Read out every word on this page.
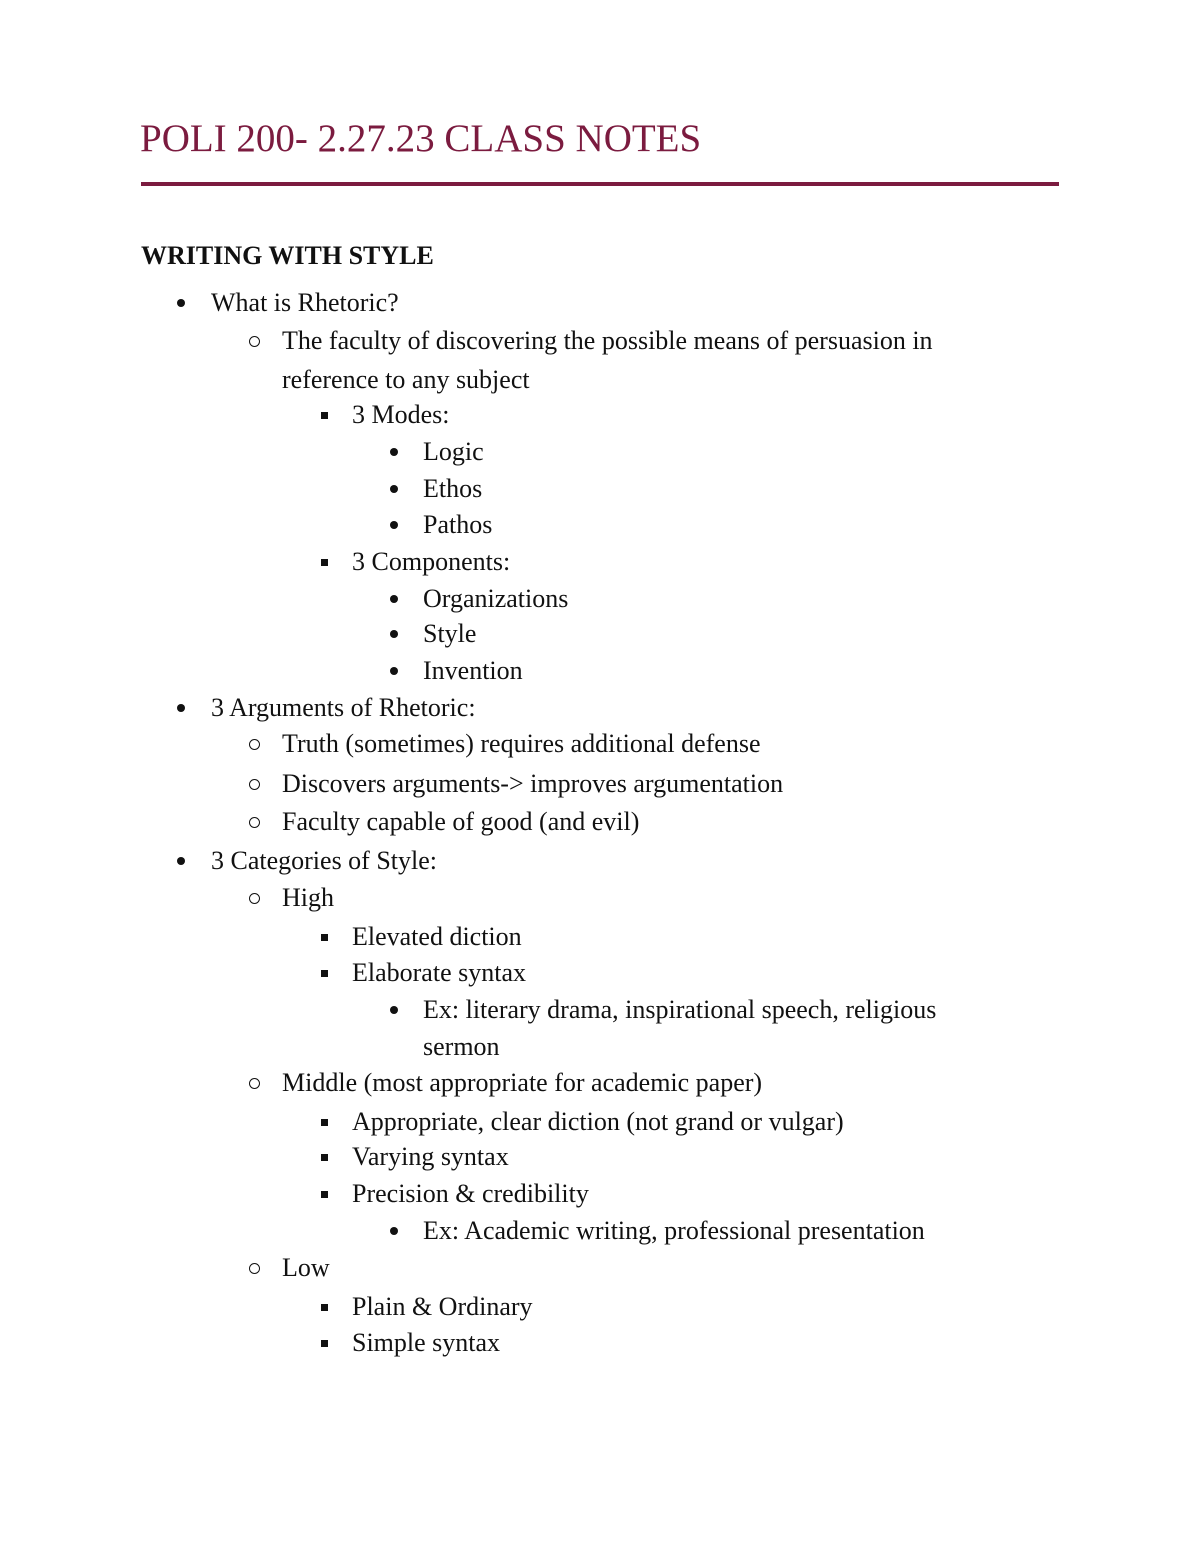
POLI 200- 2.27.23 CLASS NOTES
WRITING WITH STYLE
What is Rhetoric?
The faculty of discovering the possible means of persuasion in
reference to any subject
3 Modes:
Logic
Ethos
Pathos
3 Components:
Organizations
Style
Invention
3 Arguments of Rhetoric:
Truth (sometimes) requires additional defense
Discovers arguments-> improves argumentation
Faculty capable of good (and evil)
3 Categories of Style:
High
Elevated diction
Elaborate syntax
Ex: literary drama, inspirational speech, religious
sermon
Middle (most appropriate for academic paper)
Appropriate, clear diction (not grand or vulgar)
Varying syntax
Precision & credibility
Ex: Academic writing, professional presentation
Low
Plain & Ordinary
Simple syntax
